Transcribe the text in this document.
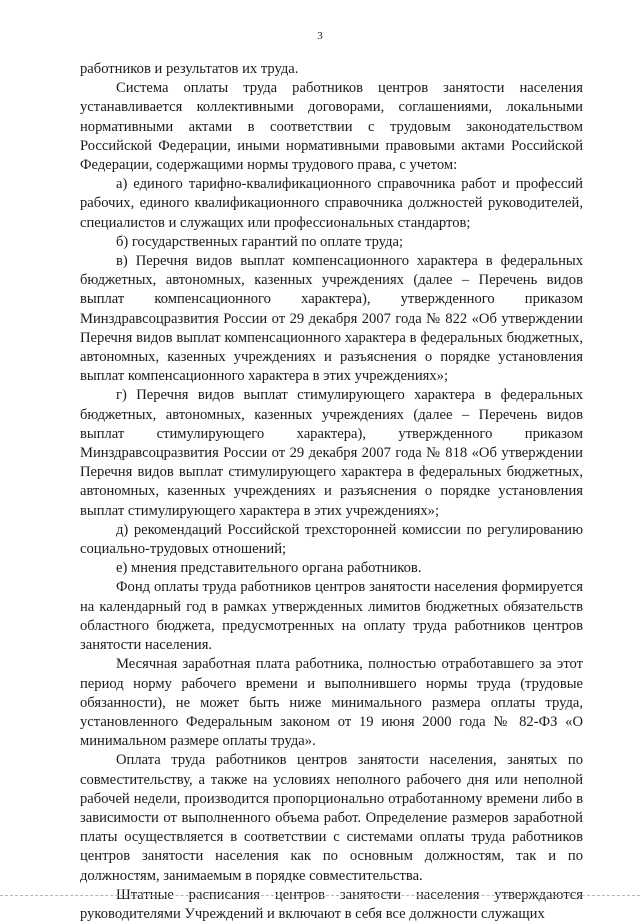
3

работников и результатов их труда.

Система оплаты труда работников центров занятости населения устанавливается коллективными договорами, соглашениями, локальными нормативными актами в соответствии с трудовым законодательством Российской Федерации, иными нормативными правовыми актами Российской Федерации, содержащими нормы трудового права, с учетом:

а) единого тарифно-квалификационного справочника работ и профессий рабочих, единого квалификационного справочника должностей руководителей, специалистов и служащих или профессиональных стандартов;

б) государственных гарантий по оплате труда;

в) Перечня видов выплат компенсационного характера в федеральных бюджетных, автономных, казенных учреждениях (далее – Перечень видов выплат компенсационного характера), утвержденного приказом Минздравсоцразвития России от 29 декабря 2007 года № 822 «Об утверждении Перечня видов выплат компенсационного характера в федеральных бюджетных, автономных, казенных учреждениях и разъяснения о порядке установления выплат компенсационного характера в этих учреждениях»;

г) Перечня видов выплат стимулирующего характера в федеральных бюджетных, автономных, казенных учреждениях (далее – Перечень видов выплат стимулирующего характера), утвержденного приказом Минздравсоцразвития России от 29 декабря 2007 года № 818 «Об утверждении Перечня видов выплат стимулирующего характера в федеральных бюджетных, автономных, казенных учреждениях и разъяснения о порядке установления выплат стимулирующего характера в этих учреждениях»;

д) рекомендаций Российской трехсторонней комиссии по регулированию социально-трудовых отношений;

е) мнения представительного органа работников.

Фонд оплаты труда работников центров занятости населения формируется на календарный год в рамках утвержденных лимитов бюджетных обязательств областного бюджета, предусмотренных на оплату труда работников центров занятости населения.

Месячная заработная плата работника, полностью отработавшего за этот период норму рабочего времени и выполнившего нормы труда (трудовые обязанности), не может быть ниже минимального размера оплаты труда, установленного Федеральным законом от 19 июня 2000 года № 82-ФЗ «О минимальном размере оплаты труда».

Оплата труда работников центров занятости населения, занятых по совместительству, а также на условиях неполного рабочего дня или неполной рабочей недели, производится пропорционально отработанному времени либо в зависимости от выполненного объема работ. Определение размеров заработной платы осуществляется в соответствии с системами оплаты труда работников центров занятости населения как по основным должностям, так и по должностям, занимаемым в порядке совместительства.

Штатные расписания центров занятости населения утверждаются руководителями Учреждений и включают в себя все должности служащих
